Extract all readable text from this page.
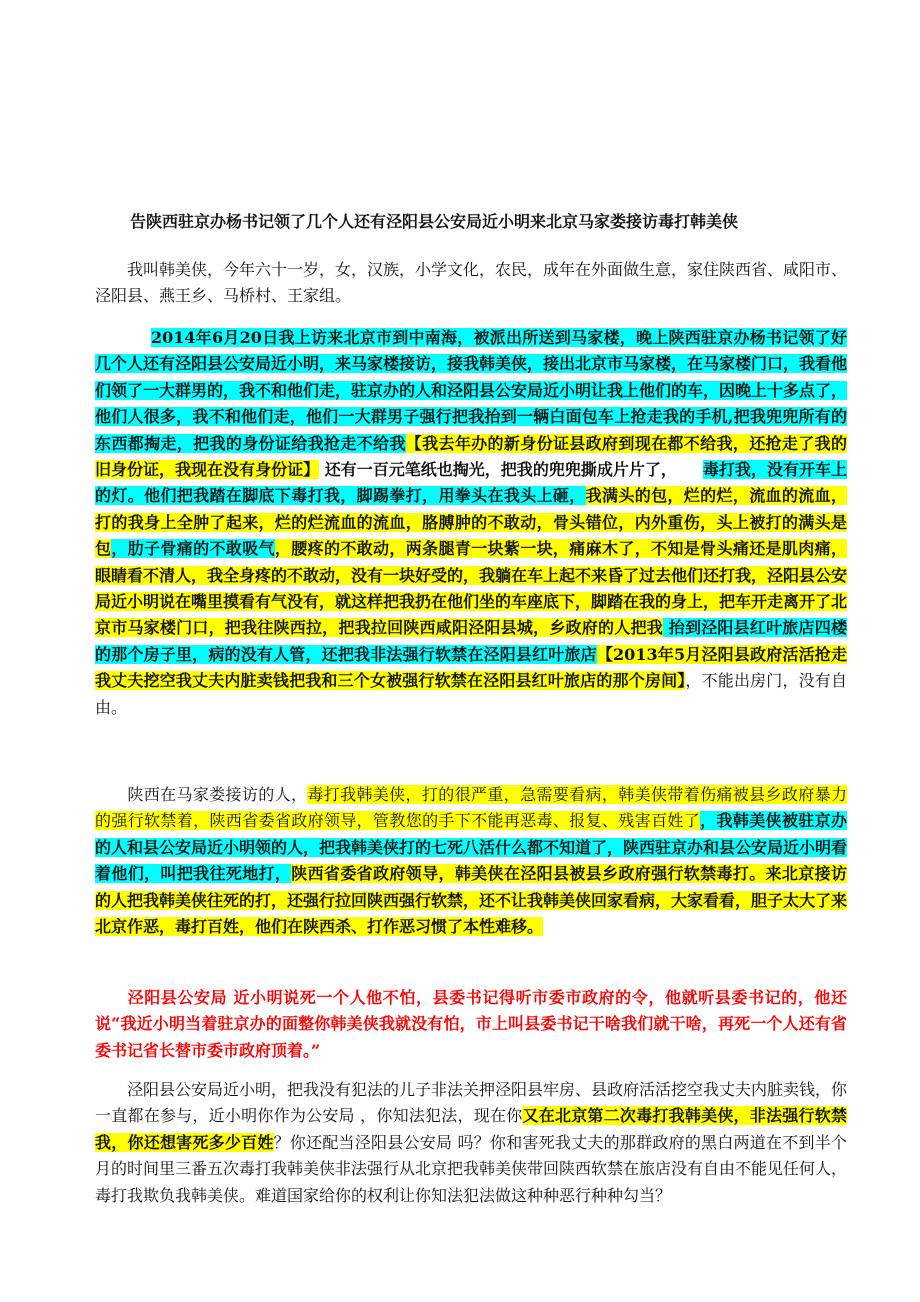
告陕西驻京办杨书记领了几个人还有泾阳县公安局近小明来北京马家娄接访毒打韩美侠
我叫韩美侠，今年六十一岁，女，汉族，小学文化，农民，成年在外面做生意，家住陕西省、咸阳市、泾阳县、燕王乡、马桥村、王家组。
2014年6月20日我上访来北京市到中南海，被派出所送到马家楼，晚上陕西驻京办杨书记领了好几个人还有泾阳县公安局近小明，来马家楼接访，接我韩美侠，接出北京市马家楼，在马家楼门口，我看他们领了一大群男的，我不和他们走，驻京办的人和泾阳县公安局近小明让我上他们的车，因晚上十多点了，他们人很多，我不和他们走，他们一大群男子强行把我抬到一辆白面包车上抢走我的手机,把我兜兜所有的东西都掏走，把我的身份证给我抢走不给我【我去年办的新身份证县政府到现在都不给我，还抢走了我的旧身份证，我现在没有身份证】 还有一百元笔纸也掏光，把我的兜兜撕成片片了， 毒打我，没有开车上的灯。他们把我踏在脚底下毒打我，脚踢拳打，用拳头在我头上砸，我满头的包，烂的烂，流血的流血，打的我身上全肿了起来，烂的烂流血的流血，胳膊肿的不敢动，骨头错位，内外重伤，头上被打的满头是包，肋子骨痛的不敢吸气，腰疼的不敢动，两条腿青一块紫一块，痛麻木了，不知是骨头痛还是肌肉痛，眼睛看不清人，我全身疼的不敢动，没有一块好受的，我躺在车上起不来昏了过去他们还打我，泾阳县公安局近小明说在嘴里摸看有气没有，就这样把我扔在他们坐的车座底下，脚踏在我的身上，把车开走离开了北京市马家楼门口，把我往陕西拉，把我拉回陕西咸阳泾阳县城，乡政府的人把我 抬到泾阳县红叶旅店四楼的那个房子里，病的没有人管，还把我非法强行软禁在泾阳县红叶旅店【2013年5月泾阳县政府活活抢走我丈夫挖空我丈夫内脏卖钱把我和三个女被强行软禁在泾阳县红叶旅店的那个房间】，不能出房门，没有自由。
陕西在马家娄接访的人，毒打我韩美侠，打的很严重，急需要看病，韩美侠带着伤痛被县乡政府暴力的强行软禁着，陕西省委省政府领导，管教您的手下不能再恶毒、报复、残害百姓了，我韩美侠被驻京办的人和县公安局近小明领的人，把我韩美侠打的七死八活什么都不知道了，陕西驻京办和县公安局近小明看着他们，叫把我往死地打，陕西省委省政府领导，韩美侠在泾阳县被县乡政府强行软禁毒打。来北京接访的人把我韩美侠往死的打，还强行拉回陕西强行软禁，还不让我韩美侠回家看病，大家看看，胆子太大了来北京作恶，毒打百姓，他们在陕西杀、打作恶习惯了本性难移。
泾阳县公安局 近小明说死一个人他不怕，县委书记得听市委市政府的令，他就听县委书记的，他还说“我近小明当着驻京办的面整你韩美侠我就没有怕，市上叫县委书记干啥我们就干啥，再死一个人还有省委书记省长替市委市政府顶着。”
泾阳县公安局近小明，把我没有犯法的儿子非法关押泾阳县牢房、县政府活活挖空我丈夫内脏卖钱，你一直都在参与，近小明你作为公安局 ，你知法犯法，现在你又在北京第二次毒打我韩美侠，非法强行软禁我，你还想害死多少百姓？你还配当泾阳县公安局 吗？你和害死我丈夫的那群政府的黑白两道在不到半个月的时间里三番五次毒打我韩美侠非法强行从北京把我韩美侠带回陕西软禁在旅店没有自由不能见任何人，毒打我欺负我韩美侠。难道国家给你的权利让你知法犯法做这种种恶行种种勾当？
